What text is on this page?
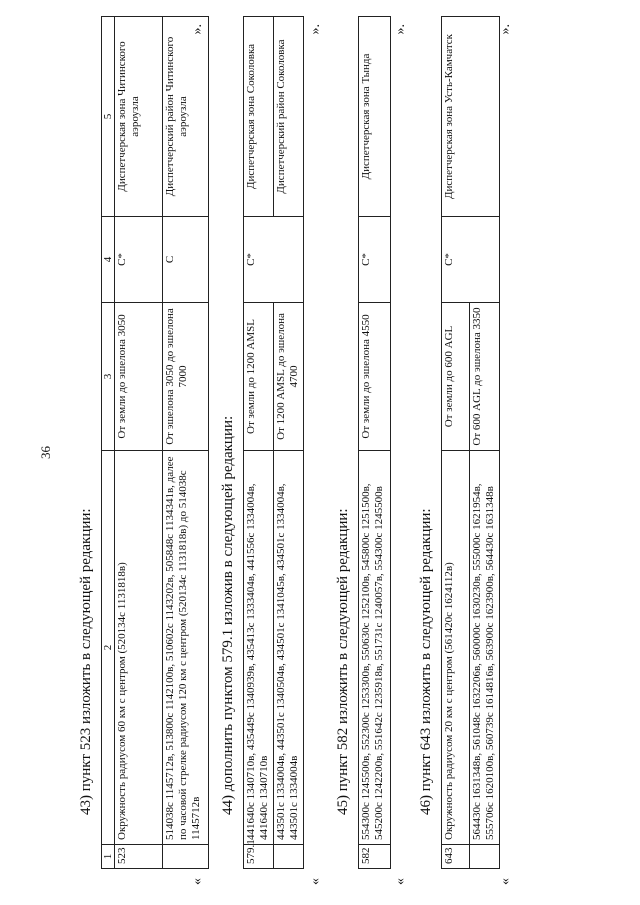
36
43) пункт 523 изложить в следующей редакции:
«
1	2	3	4	5
523	Окружность радиусом 60 км с центром (520134с 1131818в)	От земли до эшелона 3050	С*	Диспетчерская зона Читинского аэроузла
	514038с 1145712в, 513800с 1142100в, 510602с 1143202в, 505848с 1134341в, далее по часовой стрелке радиусом 120 км с центром (520134с 1131818в) до 514038с 1145712в	От эшелона 3050 до эшелона 7000	С	Диспетчерский район Читинского аэроузла
».
44) дополнить пунктом 579.1 изложив в следующей редакции:
«
579.1	441640с 1340710в, 435449с 1340939в, 435413с 1333404в, 441556с 1334004в, 441640с 1340710в	От земли до 1200 AMSL	С*	Диспетчерская зона Соколовка
	443501с 1334004в, 443501с 1340504в, 434501с 1341045в, 434501с 1334004в, 443501с 1334004в	От 1200 AMSL до эшелона 4700		Диспетчерский район Соколовка
».
45) пункт 582 изложить в следующей редакции:
«
582	554300с 1245500в, 552300с 1253300в, 550630с 1252100в, 545800с 1251500в, 545200с 1242200в, 551642с 1235918в, 551731с 1240057в, 554300с 1245500в	От земли до эшелона 4550	С*	Диспетчерская зона Тында
».
46) пункт 643 изложить в следующей редакции:
«
643	Окружность радиусом 20 км с центром (561420с 1624112в)	От земли до 600 AGL	С*	Диспетчерская зона Усть-Камчатск
	564430с 1631348в, 561048с 1632206в, 560000с 1630230в, 555000с 1621954в, 555706с 1620100в, 560739с 1614816в, 563900с 1623900в, 564430с 1631348в	От 600 AGL до эшелона 3350		
».
